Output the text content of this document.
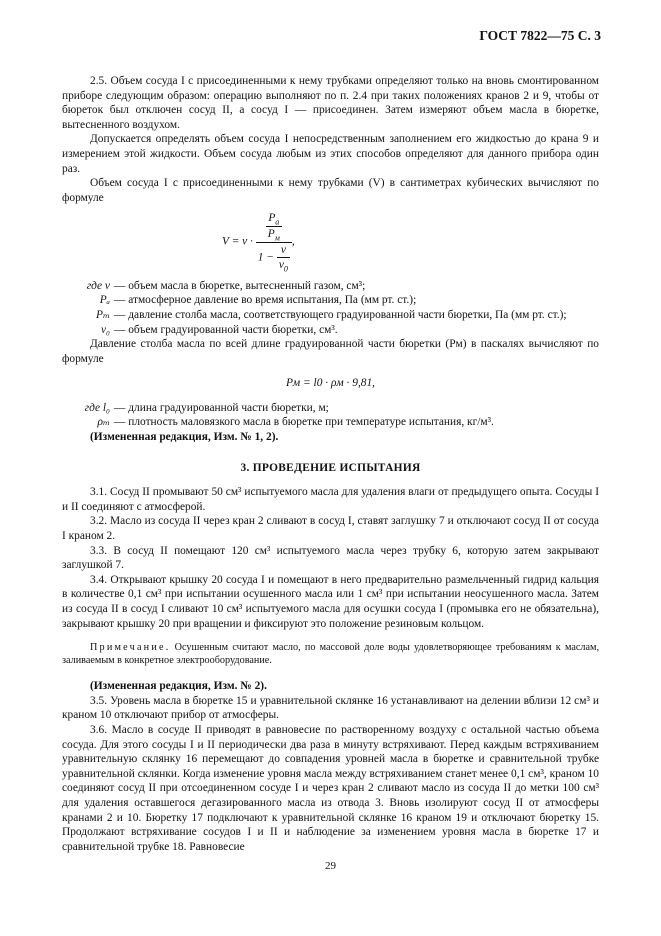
ГОСТ 7822—75 С. 3

2.5. Объем сосуда I с присоединенными к нему трубками определяют только на вновь смонтированном приборе следующим образом: операцию выполняют по п. 2.4 при таких положениях кранов 2 и 9, чтобы от бюреток был отключен сосуд II, а сосуд I — присоединен. Затем измеряют объем масла в бюретке, вытесненного воздухом.

Допускается определять объем сосуда I непосредственным заполнением его жидкостью до крана 9 и измерением этой жидкости. Объем сосуда любым из этих способов определяют для данного прибора один раз.

Объем сосуда I с присоединенными к нему трубками (V) в сантиметрах кубических вычисляют по формуле

V = v ·
$P_а$
$P_м$
$1 - \frac{v}{v_0}$
,
где v — объем масла в бюретке, вытесненный газом, см³;
Pₐ — атмосферное давление во время испытания, Па (мм рт. ст.);
Pₘ — давление столба масла, соответствующего градуированной части бюретки, Па (мм рт. ст.);
v₀ — объем градуированной части бюретки, см³.

Давление столба масла по всей длине градуированной части бюретки (Pм) в паскалях вычисляют по формуле

Pм = l0 · ρм · 9,81,
где l₀ — длина градуированной части бюретки, м;
ρₘ — плотность маловязкого масла в бюретке при температуре испытания, кг/м³.

(Измененная редакция, Изм. № 1, 2).

3. ПРОВЕДЕНИЕ ИСПЫТАНИЯ

3.1. Сосуд II промывают 50 см³ испытуемого масла для удаления влаги от предыдущего опыта. Сосуды I и II соединяют с атмосферой.

3.2. Масло из сосуда II через кран 2 сливают в сосуд I, ставят заглушку 7 и отключают сосуд II от сосуда I краном 2.

3.3. В сосуд II помещают 120 см³ испытуемого масла через трубку 6, которую затем закрывают заглушкой 7.

3.4. Открывают крышку 20 сосуда I и помещают в него предварительно размельченный гидрид кальция в количестве 0,1 см³ при испытании осушенного масла или 1 см³ при испытании неосушенного масла. Затем из сосуда II в сосуд I сливают 10 см³ испытуемого масла для осушки сосуда I (промывка его не обязательна), закрывают крышку 20 при вращении и фиксируют это положение резиновым кольцом.

Примечание. Осушенным считают масло, по массовой доле воды удовлетворяющее требованиям к маслам, заливаемым в конкретное электрооборудование.

(Измененная редакция, Изм. № 2).

3.5. Уровень масла в бюретке 15 и уравнительной склянке 16 устанавливают на делении вблизи 12 см³ и краном 10 отключают прибор от атмосферы.

3.6. Масло в сосуде II приводят в равновесие по растворенному воздуху с остальной частью объема сосуда. Для этого сосуды I и II периодически два раза в минуту встряхивают. Перед каждым встряхиванием уравнительную склянку 16 перемещают до совпадения уровней масла в бюретке и сравнительной трубке уравнительной склянки. Когда изменение уровня масла между встряхиванием станет менее 0,1 см³, краном 10 соединяют сосуд II при отсоединенном сосуде I и через кран 2 сливают масло из сосуда II до метки 100 см³ для удаления оставшегося дегазированного масла из отвода 3. Вновь изолируют сосуд II от атмосферы кранами 2 и 10. Бюретку 17 подключают к уравнительной склянке 16 краном 19 и отключают бюретку 15. Продолжают встряхивание сосудов I и II и наблюдение за изменением уровня масла в бюретке 17 и сравнительной трубке 18. Равновесие

29
